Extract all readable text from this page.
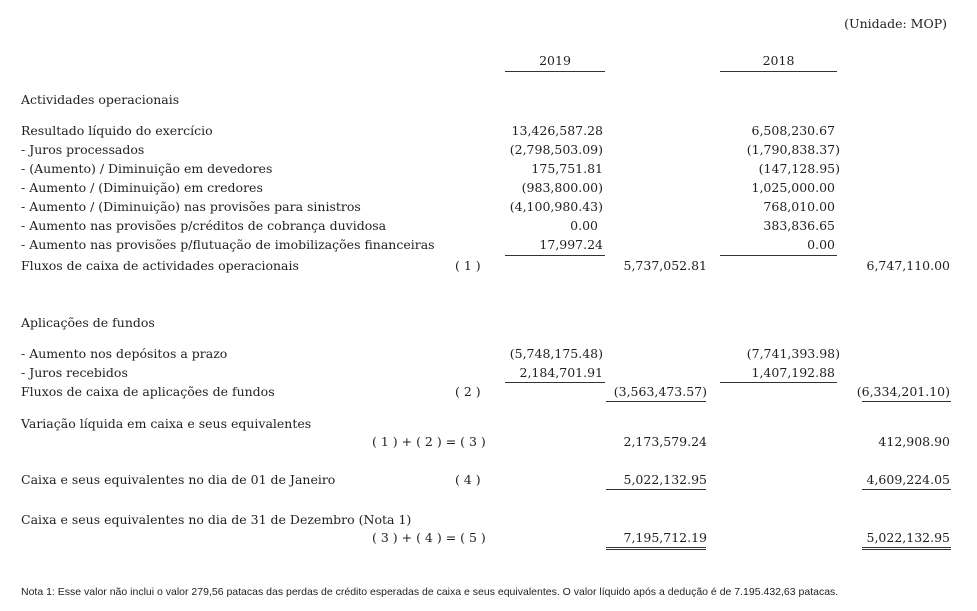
(Unidade: MOP)
2019	2018
Actividades operacionais
Resultado líquido do exercício	13,426,587.28	6,508,230.67
- Juros processados	(2,798,503.09)	(1,790,838.37)
- (Aumento) / Diminuição em devedores	175,751.81	(147,128.95)
- Aumento / (Diminuição) em credores	(983,800.00)	1,025,000.00
- Aumento / (Diminuição) nas provisões para sinistros	(4,100,980.43)	768,010.00
- Aumento nas provisões p/créditos de cobrança duvidosa	0.00	383,836.65
- Aumento nas provisões p/flutuação de imobilizações financeiras	17,997.24	0.00
Fluxos de caixa de actividades operacionais	( 1 )	5,737,052.81	6,747,110.00
Aplicações de fundos
- Aumento nos depósitos a prazo	(5,748,175.48)	(7,741,393.98)
- Juros recebidos	2,184,701.91	1,407,192.88
Fluxos de caixa de aplicações de fundos	( 2 )	(3,563,473.57)	(6,334,201.10)
Variação líquida em caixa e seus equivalentes
( 1 ) + ( 2 ) = ( 3 )	2,173,579.24	412,908.90
Caixa e seus equivalentes no dia de 01 de Janeiro	( 4 )	5,022,132.95	4,609,224.05
Caixa e seus equivalentes no dia de 31 de Dezembro (Nota 1)
( 3 ) + ( 4 ) = ( 5 )	7,195,712.19	5,022,132.95
Nota 1: Esse valor não inclui o valor 279,56 patacas das perdas de crédito esperadas de caixa e seus equivalentes. O valor líquido após a dedução é de 7.195.432,63 patacas.
